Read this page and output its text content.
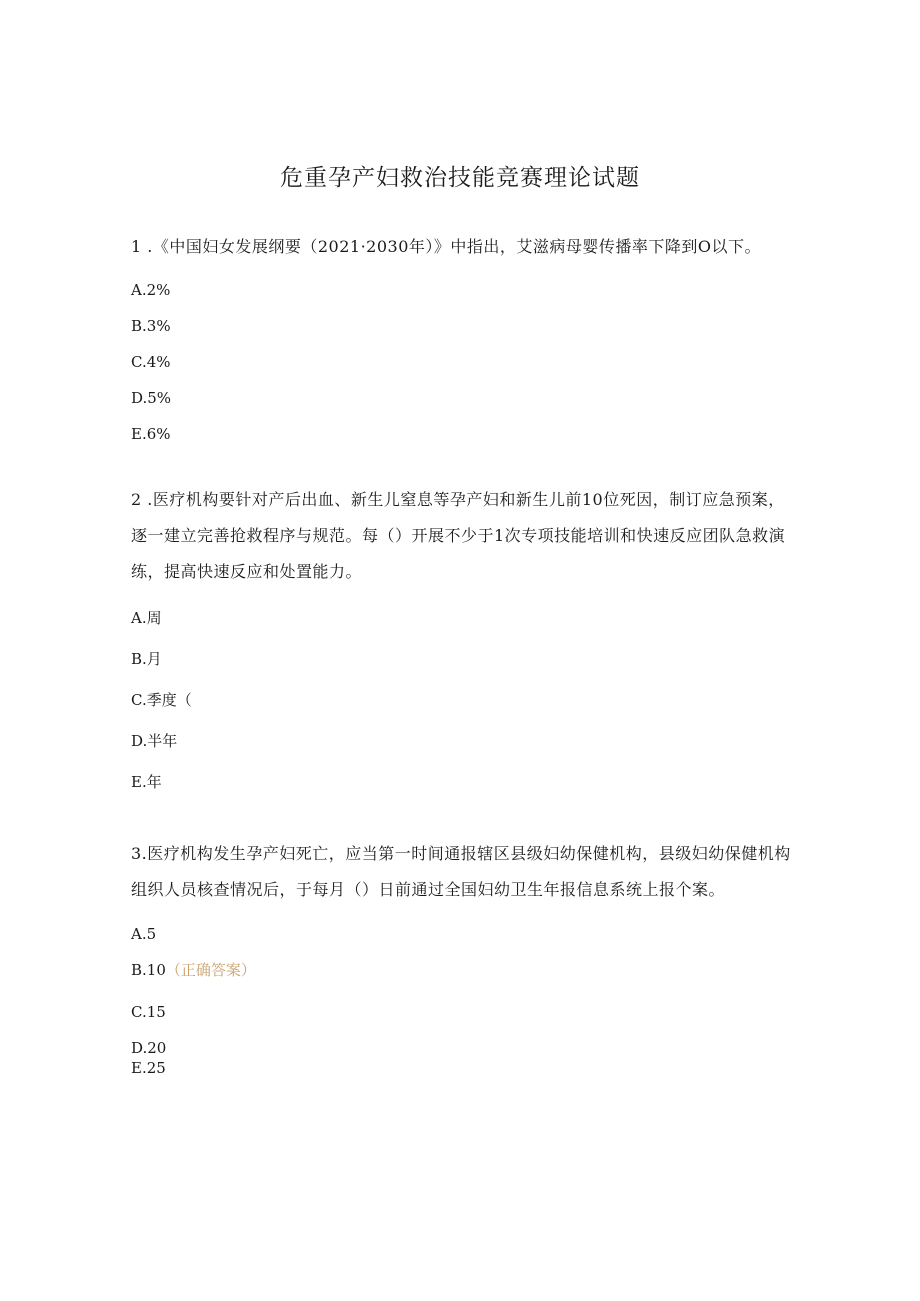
危重孕产妇救治技能竞赛理论试题

1 .《中国妇女发展纲要（2021·2030年）》中指出，艾滋病母婴传播率下降到O以下。

A.2%
B.3%
C.4%
D.5%
E.6%

2 .医疗机构要针对产后出血、新生儿窒息等孕产妇和新生儿前10位死因，制订应急预案，逐一建立完善抢救程序与规范。每（）开展不少于1次专项技能培训和快速反应团队急救演练，提高快速反应和处置能力。

A.周
B.月
C.季度（
D.半年
E.年

3.医疗机构发生孕产妇死亡，应当第一时间通报辖区县级妇幼保健机构，县级妇幼保健机构组织人员核查情况后，于每月（）日前通过全国妇幼卫生年报信息系统上报个案。

A.5
B.10（正确答案）
C.15
D.20
E.25
